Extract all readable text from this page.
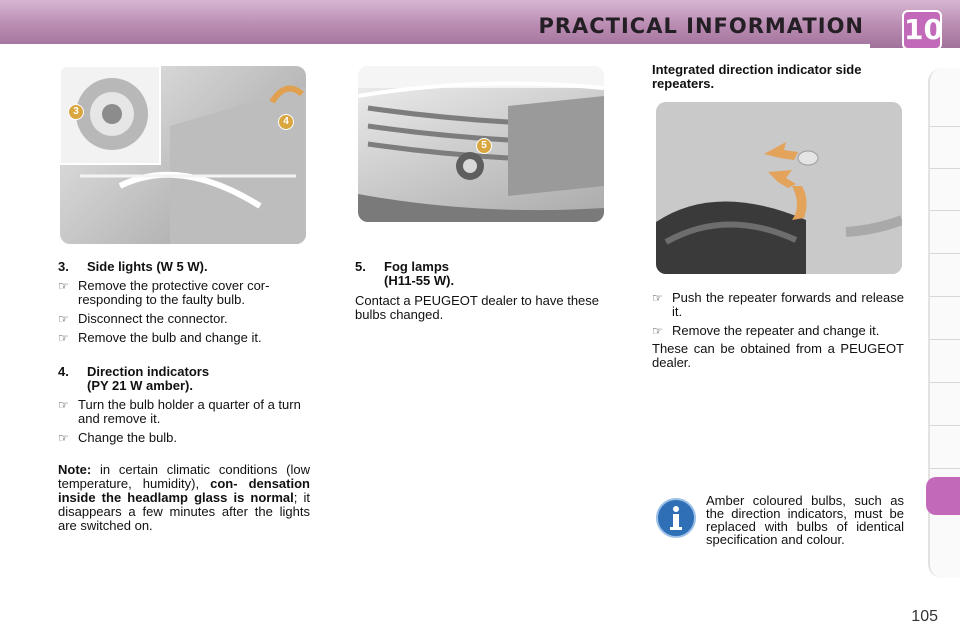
PRACTICAL INFORMATION 10
3
4
5
3.	Side lights (W 5 W).
☞ Remove the protective cover cor- responding to the faulty bulb.
☞ Disconnect the connector.
☞ Remove the bulb and change it.
4.	Direction indicators
(PY 21 W amber).
☞ Turn the bulb holder a quarter of a turn and remove it.
☞ Change the bulb.

Note: in certain climatic conditions (low temperature, humidity), con- densation inside the headlamp glass is normal; it disappears a few minutes after the lights are switched on.

5.	Fog lamps
(H11-55 W).

Contact a PEUGEOT dealer to have these bulbs changed.

Integrated direction indicator side repeaters.
☞ Push the repeater forwards and release it.
☞ Remove the repeater and change it.

These can be obtained from a PEUGEOT dealer.

Amber coloured bulbs, such as the direction indicators, must be replaced with bulbs of identical specification and colour.
105
